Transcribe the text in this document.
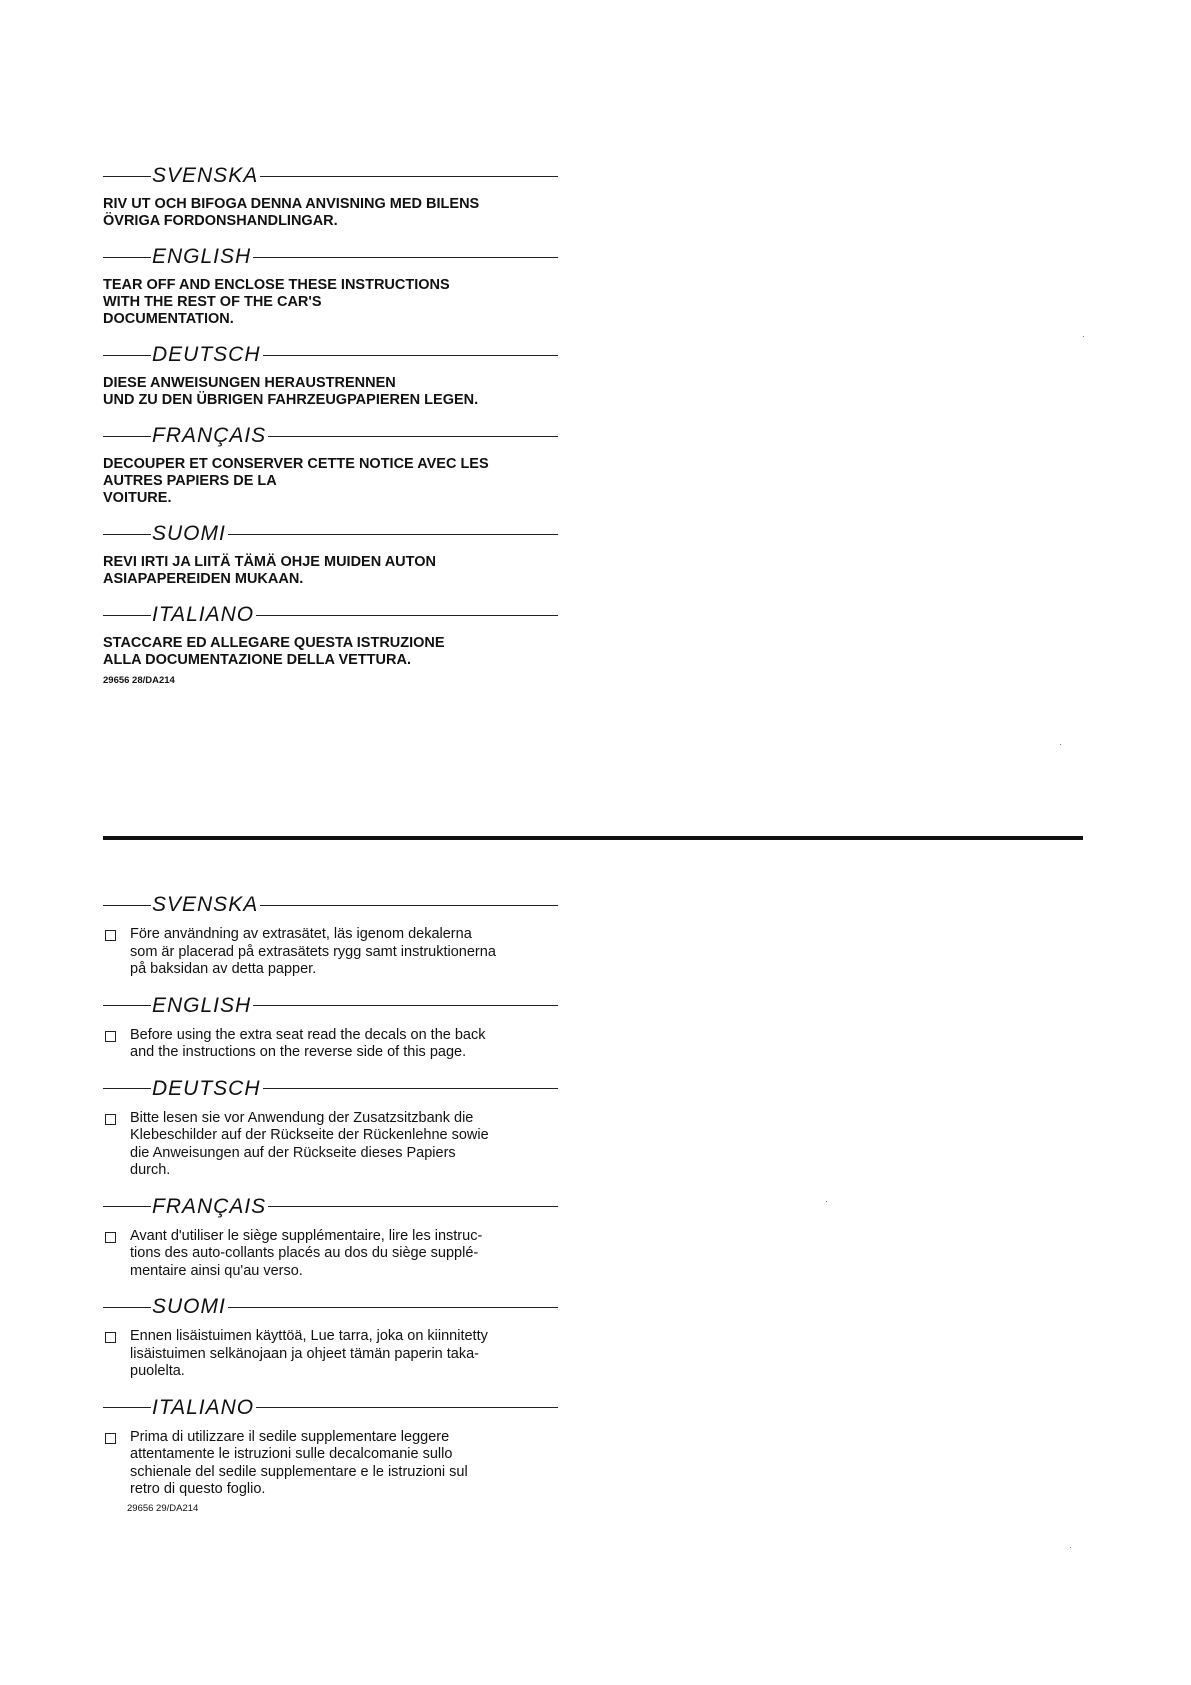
SVENSKA
RIV UT OCH BIFOGA DENNA ANVISNING MED BILENS
ÖVRIGA FORDONSHANDLINGAR.
ENGLISH
TEAR OFF AND ENCLOSE THESE INSTRUCTIONS
WITH THE REST OF THE CAR'S
DOCUMENTATION.
DEUTSCH
DIESE ANWEISUNGEN HERAUSTRENNEN
UND ZU DEN ÜBRIGEN FAHRZEUGPAPIEREN LEGEN.
FRANÇAIS
DECOUPER ET CONSERVER CETTE NOTICE AVEC LES
AUTRES PAPIERS DE LA
VOITURE.
SUOMI
REVI IRTI JA LIITÄ TÄMÄ OHJE MUIDEN AUTON
ASIAPAPEREIDEN MUKAAN.
ITALIANO
STACCARE ED ALLEGARE QUESTA ISTRUZIONE
ALLA DOCUMENTAZIONE DELLA VETTURA.
29656 28/DA214
SVENSKA
Före användning av extrasätet, läs igenom dekalerna
som är placerad på extrasätets rygg samt instruktionerna
på baksidan av detta papper.
ENGLISH
Before using the extra seat read the decals on the back
and the instructions on the reverse side of this page.
DEUTSCH
Bitte lesen sie vor Anwendung der Zusatzsitzbank die
Klebeschilder auf der Rückseite der Rückenlehne sowie
die Anweisungen auf der Rückseite dieses Papiers
durch.
FRANÇAIS
Avant d'utiliser le siège supplémentaire, lire les instruc-
tions des auto-collants placés au dos du siège supplé-
mentaire ainsi qu'au verso.
SUOMI
Ennen lisäistuimen käyttöä, Lue tarra, joka on kiinnitetty
lisäistuimen selkänojaan ja ohjeet tämän paperin taka-
puolelta.
ITALIANO
Prima di utilizzare il sedile supplementare leggere
attentamente le istruzioni sulle decalcomanie sullo
schienale del sedile supplementare e le istruzioni sul
retro di questo foglio.
29656 29/DA214
